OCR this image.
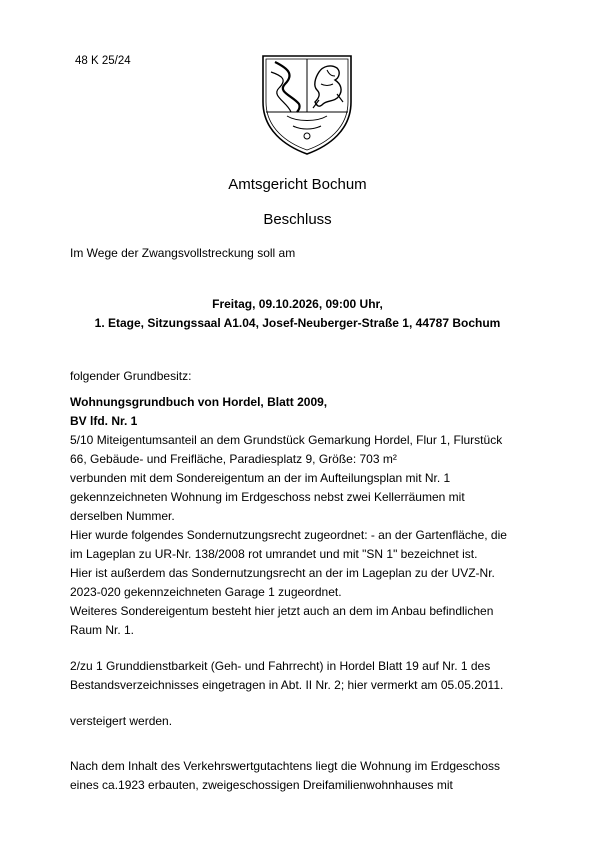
48 K 25/24
Amtsgericht Bochum
Beschluss
Im Wege der Zwangsvollstreckung soll am
Freitag, 09.10.2026, 09:00 Uhr,
1. Etage, Sitzungssaal A1.04, Josef-Neuberger-Straße 1, 44787 Bochum
folgender Grundbesitz:
Wohnungsgrundbuch von Hordel, Blatt 2009,
BV lfd. Nr. 1
5/10 Miteigentumsanteil an dem Grundstück Gemarkung Hordel, Flur 1, Flurstück
66, Gebäude- und Freifläche, Paradiesplatz 9, Größe: 703 m²
verbunden mit dem Sondereigentum an der im Aufteilungsplan mit Nr. 1
gekennzeichneten Wohnung im Erdgeschoss nebst zwei Kellerräumen mit
derselben Nummer.
Hier wurde folgendes Sondernutzungsrecht zugeordnet: - an der Gartenfläche, die
im Lageplan zu UR-Nr. 138/2008 rot umrandet und mit "SN 1" bezeichnet ist.
Hier ist außerdem das Sondernutzungsrecht an der im Lageplan zu der UVZ-Nr.
2023-020 gekennzeichneten Garage 1 zugeordnet.
Weiteres Sondereigentum besteht hier jetzt auch an dem im Anbau befindlichen
Raum Nr. 1.
2/zu 1 Grunddienstbarkeit (Geh- und Fahrrecht) in Hordel Blatt 19 auf Nr. 1 des
Bestandsverzeichnisses eingetragen in Abt. II Nr. 2; hier vermerkt am 05.05.2011.
versteigert werden.
Nach dem Inhalt des Verkehrswertgutachtens liegt die Wohnung im Erdgeschoss
eines ca.1923 erbauten, zweigeschossigen Dreifamilienwohnhauses mit
